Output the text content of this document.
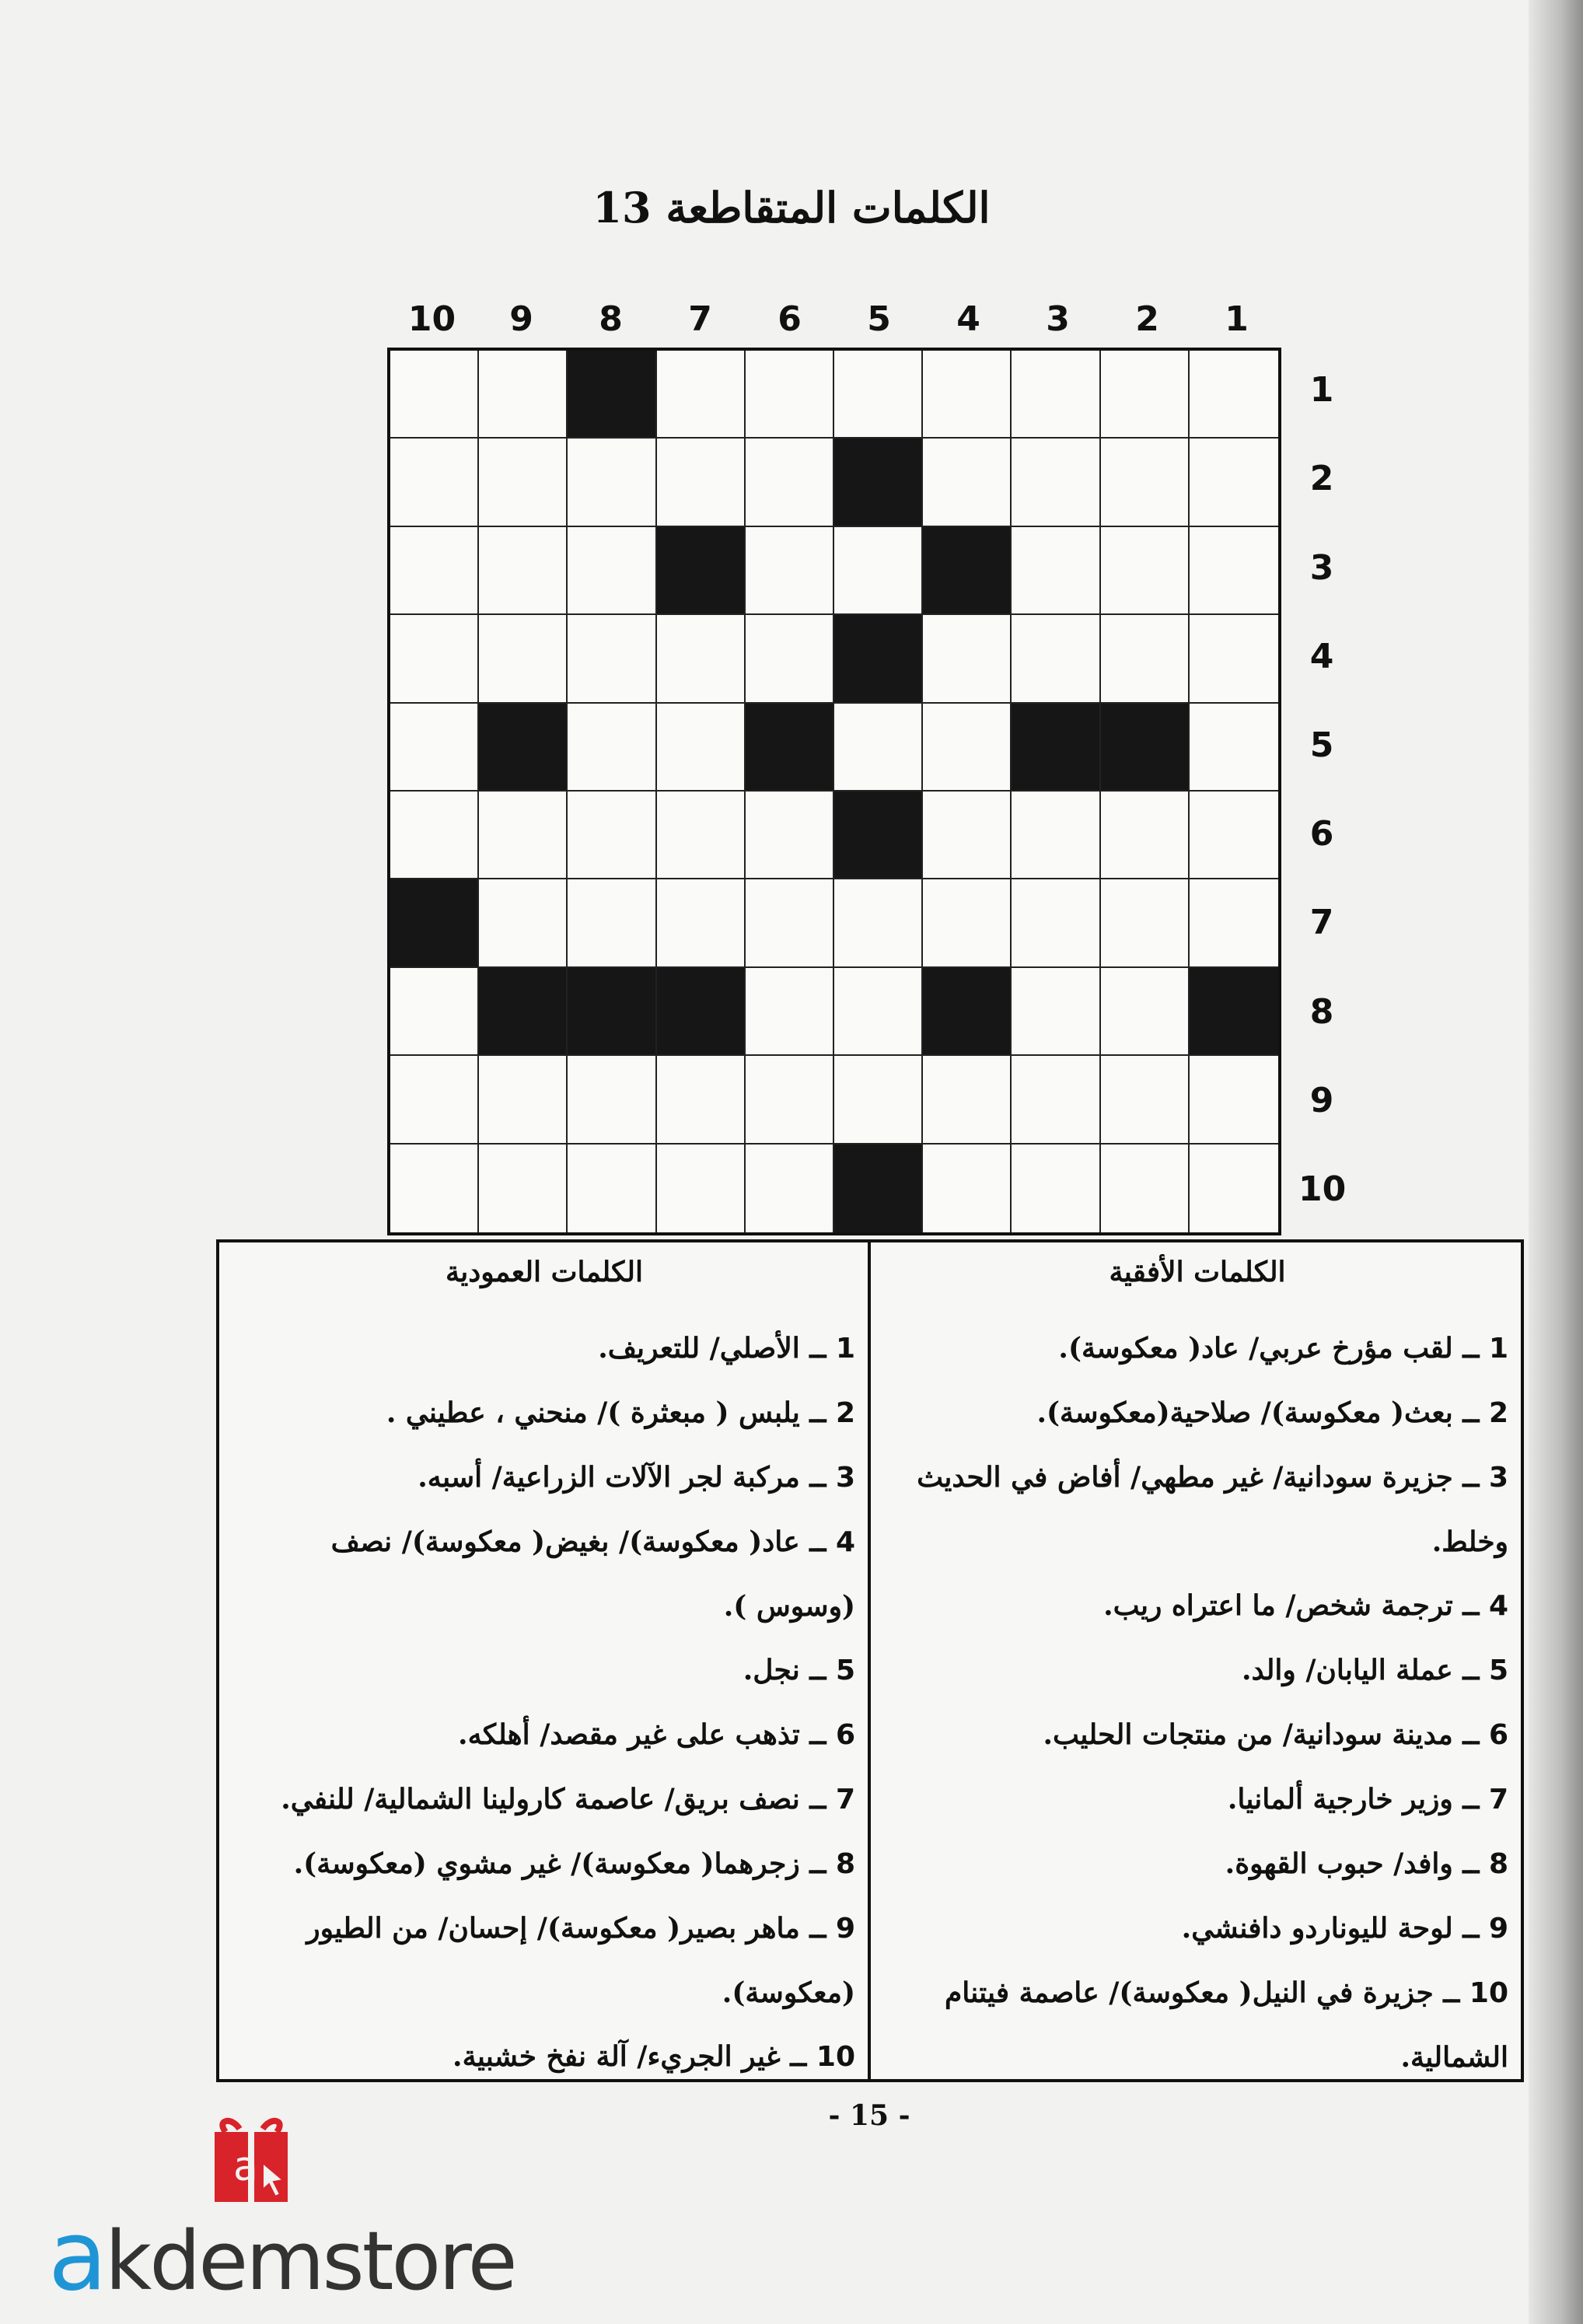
الكلمات المتقاطعة 13
10	9	8	7	6	5	4	3	2	1
1
2
3
4
5
6
7
8
9
10
الكلمات الأفقية
1 ــ لقب مؤرخ عربي/ عاد( معكوسة).
2 ــ بعث( معكوسة)/ صلاحية(معكوسة).
3 ــ جزيرة سودانية/ غير مطهي/ أفاض في الحديث وخلط.
4 ــ ترجمة شخص/ ما اعتراه ريب.
5 ــ عملة اليابان/ والد.
6 ــ مدينة سودانية/ من منتجات الحليب.
7 ــ وزير خارجية ألمانيا.
8 ــ وافد/ حبوب القهوة.
9 ــ لوحة لليوناردو دافنشي.
10 ــ جزيرة في النيل( معكوسة)/ عاصمة فيتنام الشمالية.
الكلمات العمودية
1 ــ الأصلي/ للتعريف.
2 ــ يلبس ( مبعثرة )/ منحني ، عطيني .
3 ــ مركبة لجر الآلات الزراعية/ أسبه.
4 ــ عاد( معكوسة)/ بغيض( معكوسة)/ نصف (وسوس ).
5 ــ نجل.
6 ــ تذهب على غير مقصد/ أهلكه.
7 ــ نصف بريق/ عاصمة كارولينا الشمالية/ للنفي.
8 ــ زجرهما( معكوسة)/ غير مشوي (معكوسة).
9 ــ ماهر بصير( معكوسة)/ إحسان/ من الطيور (معكوسة).
10 ــ غير الجريء/ آلة نفخ خشبية.
- 15 -
a
akdemstore
